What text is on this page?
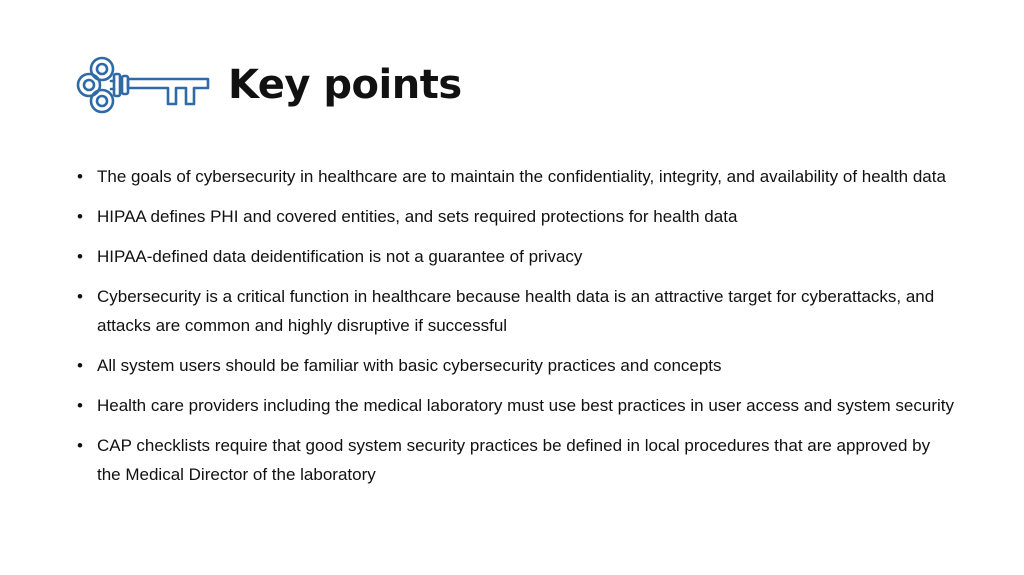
Key points
• The goals of cybersecurity in healthcare are to maintain the confidentiality, integrity, and availability of health data
• HIPAA defines PHI and covered entities, and sets required protections for health data
• HIPAA-defined data deidentification is not a guarantee of privacy
• Cybersecurity is a critical function in healthcare because health data is an attractive target for cyberattacks, and attacks are common and highly disruptive if successful
• All system users should be familiar with basic cybersecurity practices and concepts
• Health care providers including the medical laboratory must use best practices in user access and system security
• CAP checklists require that good system security practices be defined in local procedures that are approved by the Medical Director of the laboratory
